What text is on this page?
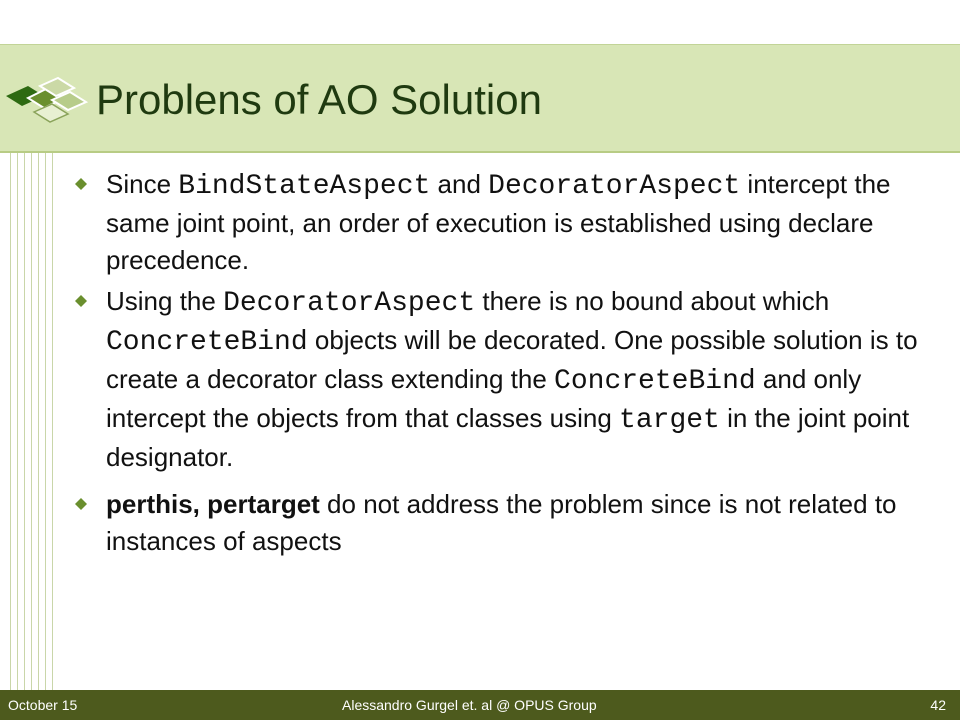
Problens of AO Solution
Since BindStateAspect and DecoratorAspect intercept the same joint point, an order of execution is established using declare precedence.
Using the DecoratorAspect there is no bound about which ConcreteBind objects will be decorated. One possible solution is to create a decorator class extending the ConcreteBind and only intercept the objects from that classes using target in the joint point designator.
perthis, pertarget do not address the problem since is not related to instances of aspects
October 15	Alessandro Gurgel et. al @ OPUS Group	42
